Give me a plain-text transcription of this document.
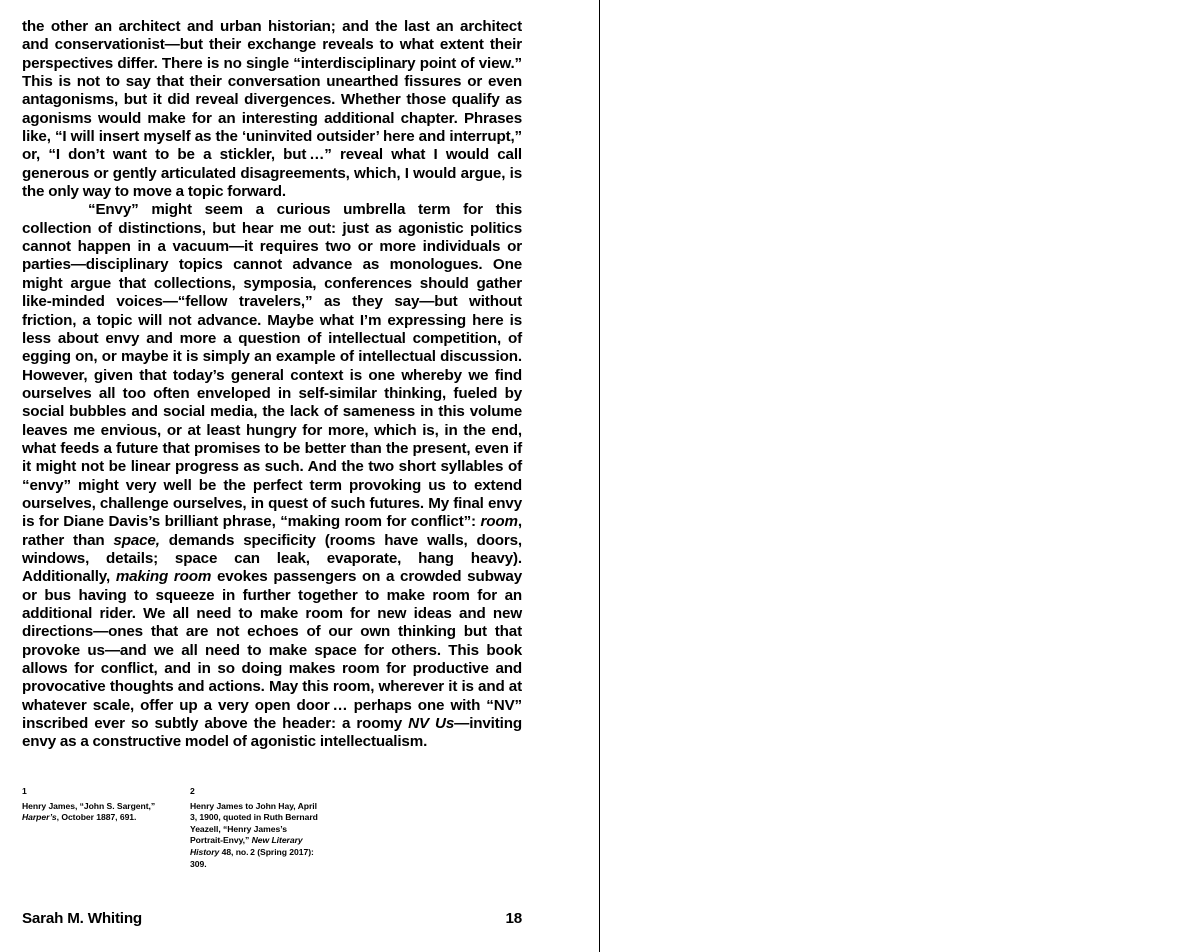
the other an architect and urban historian; and the last an architect and conservationist—but their exchange reveals to what extent their perspectives differ. There is no single “interdisciplinary point of view.” This is not to say that their conversation unearthed fissures or even antagonisms, but it did reveal divergences. Whether those qualify as agonisms would make for an interesting additional chapter. Phrases like, “I will insert myself as the ‘uninvited outsider’ here and interrupt,” or, “I don’t want to be a stickler, but …” reveal what I would call generous or gently articulated disagreements, which, I would argue, is the only way to move a topic forward.

“Envy” might seem a curious umbrella term for this collection of distinctions, but hear me out: just as agonistic politics cannot happen in a vacuum—it requires two or more individuals or parties—disciplinary topics cannot advance as monologues. One might argue that collections, symposia, conferences should gather like-minded voices—“fellow travelers,” as they say—but without friction, a topic will not advance. Maybe what I’m expressing here is less about envy and more a question of intellectual competition, of egging on, or maybe it is simply an example of intellectual discussion. However, given that today’s general context is one whereby we find ourselves all too often enveloped in self-similar thinking, fueled by social bubbles and social media, the lack of sameness in this volume leaves me envious, or at least hungry for more, which is, in the end, what feeds a future that promises to be better than the present, even if it might not be linear progress as such. And the two short syllables of “envy” might very well be the perfect term provoking us to extend ourselves, challenge ourselves, in quest of such futures. My final envy is for Diane Davis’s brilliant phrase, “making room for conflict”: room, rather than space, demands specificity (rooms have walls, doors, windows, details; space can leak, evaporate, hang heavy). Additionally, making room evokes passengers on a crowded subway or bus having to squeeze in further together to make room for an additional rider. We all need to make room for new ideas and new directions—ones that are not echoes of our own thinking but that provoke us—and we all need to make space for others. This book allows for conflict, and in so doing makes room for productive and provocative thoughts and actions. May this room, wherever it is and at whatever scale, offer up a very open door … perhaps one with “NV” inscribed ever so subtly above the header: a roomy NV Us—inviting envy as a constructive model of agonistic intellectualism.

1
Henry James, “John S. Sargent,” Harper’s, October 1887, 691.
2
Henry James to John Hay, April 3, 1900, quoted in Ruth Bernard Yeazell, “Henry James’s Portrait-Envy,” New Literary History 48, no. 2 (Spring 2017): 309.
Sarah M. Whiting	18
